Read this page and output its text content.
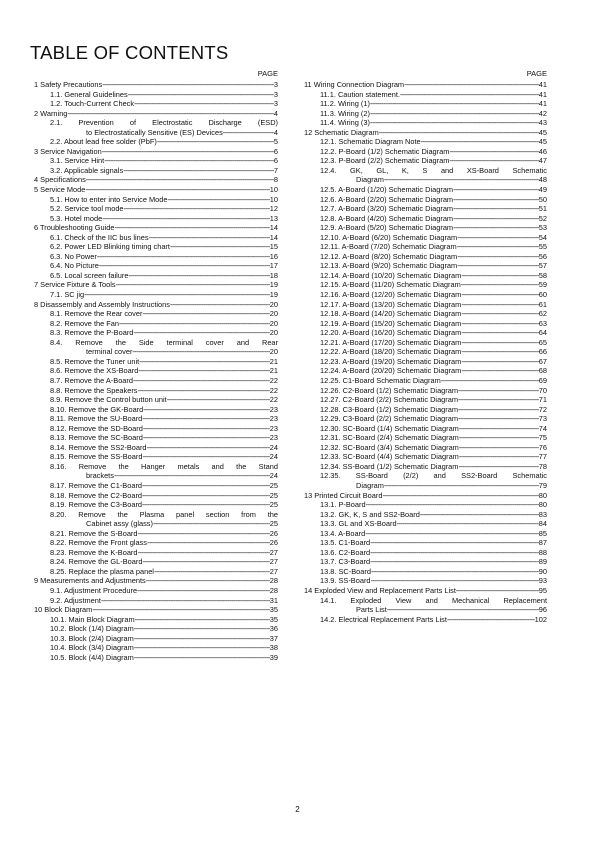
TABLE OF CONTENTS
PAGE
1 Safety Precautions -----	3
1.1. General Guidelines -----	3
1.2. Touch-Current Check -----	3
2 Warning -----	4
2.1. Prevention of Electrostatic Discharge (ESD)
to Electrostatically Sensitive (ES) Devices -----	4
2.2. About lead free solder (PbF) -----	5
3 Service Navigation -----	6
3.1. Service Hint -----	6
3.2. Applicable signals -----	7
4 Specifications -----	8
5 Service Mode -----	10
5.1. How to enter into Service Mode -----	10
5.2. Service tool mode -----	12
5.3. Hotel mode -----	13
6 Troubleshooting Guide -----	14
6.1. Check of the IIC bus lines -----	14
6.2. Power LED Blinking timing chart -----	15
6.3. No Power -----	16
6.4. No Picture -----	17
6.5. Local screen failure -----	18
7 Service Fixture & Tools -----	19
7.1. SC jig -----	19
8 Disassembly and Assembly Instructions -----	20
8.1. Remove the Rear cover -----	20
8.2. Remove the Fan -----	20
8.3. Remove the P-Board -----	20
8.4. Remove the Side terminal cover and Rear
terminal cover -----	20
8.5. Remove the Tuner unit -----	21
8.6. Remove the XS-Board -----	21
8.7. Remove the A-Board -----	22
8.8. Remove the Speakers -----	22
8.9. Remove the Control button unit -----	22
8.10. Remove the GK-Board -----	23
8.11. Remove the SU-Board -----	23
8.12. Remove the SD-Board -----	23
8.13. Remove the SC-Board -----	23
8.14. Remove the SS2-Board -----	24
8.15. Remove the SS-Board -----	24
8.16. Remove the Hanger metals and the Stand
brackets -----	24
8.17. Remove the C1-Board -----	25
8.18. Remove the C2-Board -----	25
8.19. Remove the C3-Board -----	25
8.20. Remove the Plasma panel section from the
Cabinet assy (glass) -----	25
8.21. Remove the S-Board -----	26
8.22. Remove the Front glass -----	26
8.23. Remove the K-Board -----	27
8.24. Remove the GL-Board -----	27
8.25. Replace the plasma panel -----	27
9 Measurements and Adjustments -----	28
9.1. Adjustment Procedure -----	28
9.2. Adjustment -----	31
10 Block Diagram -----	35
10.1. Main Block Diagram -----	35
10.2. Block (1/4) Diagram -----	36
10.3. Block (2/4) Diagram -----	37
10.4. Block (3/4) Diagram -----	38
10.5. Block (4/4) Diagram -----	39
PAGE
11 Wiring Connection Diagram -----	41
11.1. Caution statement. -----	41
11.2. Wiring (1) -----	41
11.3. Wiring (2) -----	42
11.4. Wiring (3) -----	43
12 Schematic Diagram -----	45
12.1. Schematic Diagram Note -----	45
12.2. P-Board (1/2) Schematic Diagram -----	46
12.3. P-Board (2/2) Schematic Diagram -----	47
12.4. GK, GL, K, S and XS-Board Schematic
Diagram -----	48
12.5. A-Board (1/20) Schematic Diagram -----	49
12.6. A-Board (2/20) Schematic Diagram -----	50
12.7. A-Board (3/20) Schematic Diagram -----	51
12.8. A-Board (4/20) Schematic Diagram -----	52
12.9. A-Board (5/20) Schematic Diagram -----	53
12.10. A-Board (6/20) Schematic Diagram -----	54
12.11. A-Board (7/20) Schematic Diagram -----	55
12.12. A-Board (8/20) Schematic Diagram -----	56
12.13. A-Board (9/20) Schematic Diagram -----	57
12.14. A-Board (10/20) Schematic Diagram -----	58
12.15. A-Board (11/20) Schematic Diagram -----	59
12.16. A-Board (12/20) Schematic Diagram -----	60
12.17. A-Board (13/20) Schematic Diagram -----	61
12.18. A-Board (14/20) Schematic Diagram -----	62
12.19. A-Board (15/20) Schematic Diagram -----	63
12.20. A-Board (16/20) Schematic Diagram -----	64
12.21. A-Board (17/20) Schematic Diagram -----	65
12.22. A-Board (18/20) Schematic Diagram -----	66
12.23. A-Board (19/20) Schematic Diagram -----	67
12.24. A-Board (20/20) Schematic Diagram -----	68
12.25. C1-Board Schematic Diagram -----	69
12.26. C2-Board (1/2) Schematic Diagram -----	70
12.27. C2-Board (2/2) Schematic Diagram -----	71
12.28. C3-Board (1/2) Schematic Diagram -----	72
12.29. C3-Board (2/2) Schematic Diagram -----	73
12.30. SC-Board (1/4) Schematic Diagram -----	74
12.31. SC-Board (2/4) Schematic Diagram -----	75
12.32. SC-Board (3/4) Schematic Diagram -----	76
12.33. SC-Board (4/4) Schematic Diagram -----	77
12.34. SS-Board (1/2) Schematic Diagram -----	78
12.35. SS-Board (2/2) and SS2-Board Schematic
Diagram -----	79
13 Printed Circuit Board -----	80
13.1. P-Board -----	80
13.2. GK, K, S and SS2-Board -----	83
13.3. GL and XS-Board -----	84
13.4. A-Board -----	85
13.5. C1-Board -----	87
13.6. C2-Board -----	88
13.7. C3-Board -----	89
13.8. SC-Board -----	90
13.9. SS-Board -----	93
14 Exploded View and Replacement Parts List -----	95
14.1. Exploded View and Mechanical Replacement
Parts List -----	96
14.2. Electrical Replacement Parts List -----	102
2
